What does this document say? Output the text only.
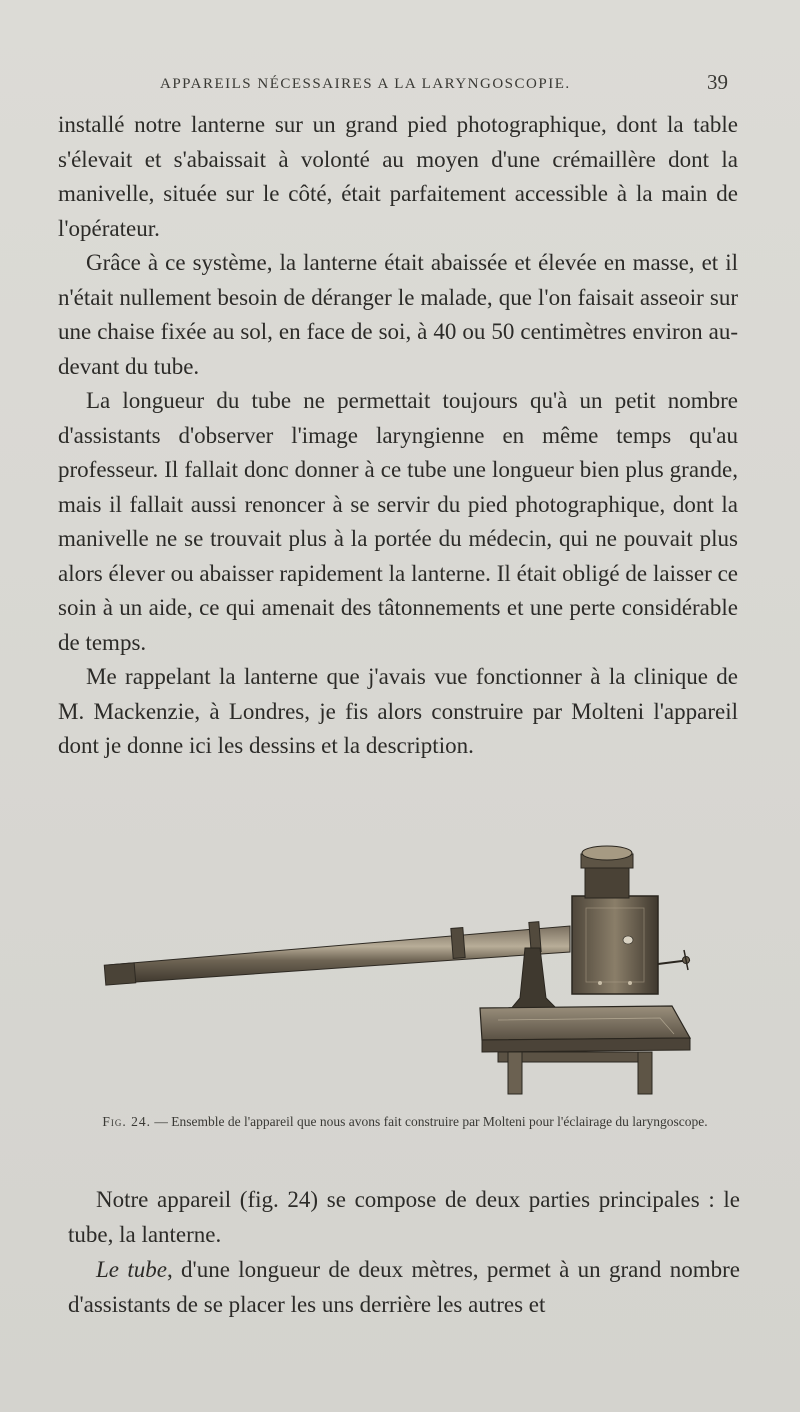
APPAREILS NÉCESSAIRES A LA LARYNGOSCOPIE.	39

installé notre lanterne sur un grand pied photographique, dont la table s'élevait et s'abaissait à volonté au moyen d'une crémaillère dont la manivelle, située sur le côté, était parfaitement accessible à la main de l'opérateur.

Grâce à ce système, la lanterne était abaissée et élevée en masse, et il n'était nullement besoin de déranger le malade, que l'on faisait asseoir sur une chaise fixée au sol, en face de soi, à 40 ou 50 centimètres environ au-devant du tube.

La longueur du tube ne permettait toujours qu'à un petit nombre d'assistants d'observer l'image laryngienne en même temps qu'au professeur. Il fallait donc donner à ce tube une longueur bien plus grande, mais il fallait aussi renoncer à se servir du pied photographique, dont la manivelle ne se trouvait plus à la portée du médecin, qui ne pouvait plus alors élever ou abaisser rapidement la lanterne. Il était obligé de laisser ce soin à un aide, ce qui amenait des tâtonnements et une perte considérable de temps.

Me rappelant la lanterne que j'avais vue fonctionner à la clinique de M. Mackenzie, à Londres, je fis alors construire par Molteni l'appareil dont je donne ici les dessins et la description.

Fig. 24. — Ensemble de l'appareil que nous avons fait construire par Molteni pour l'éclairage du laryngoscope.

Notre appareil (fig. 24) se compose de deux parties principales : le tube, la lanterne.

Le tube, d'une longueur de deux mètres, permet à un grand nombre d'assistants de se placer les uns derrière les autres et
